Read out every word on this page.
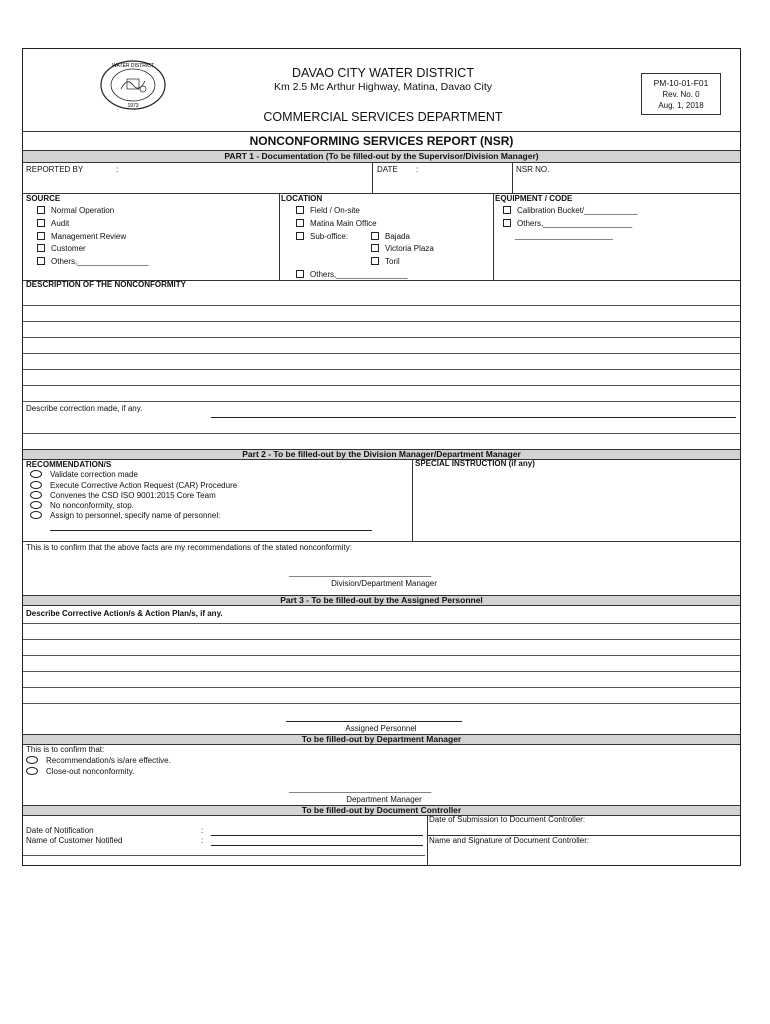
WATER DISTRICT
1973
DAVAO CITY WATER DISTRICT
Km 2.5 Mc Arthur Highway, Matina, Davao City
COMMERCIAL SERVICES DEPARTMENT
PM-10-01-F01
Rev. No. 0
Aug. 1, 2018
NONCONFORMING SERVICES REPORT (NSR)
PART 1 - Documentation (To be filled-out by the Supervisor/Division Manager)
REPORTED BY	:	DATE :	NSR NO.
SOURCE
Normal Operation
Audit
Management Review
Customer
Others,________________
LOCATION
Field / On-site
Matina Main Office
Sub-office:	Bajada
Victoria Plaza
Toril
Others,________________
EQUIPMENT / CODE
Calibration Bucket/____________
Others,____________________
______________________
DESCRIPTION OF THE NONCONFORMITY
Describe correction made, if any.
Part 2 - To be filled-out by the Division Manager/Department Manager
RECOMMENDATION/S	SPECIAL INSTRUCTION (if any)
Validate correction made
Execute Corrective Action Request (CAR) Procedure
Convenes the CSD ISO 9001:2015 Core Team
No nonconformity, stop.
Assign to personnel, specify name of personnel:
This is to confirm that the above facts are my recommendations of the stated nonconformity:
________________________________
Division/Department Manager
Part 3 - To be filled-out by the Assigned Personnel
Describe Corrective Action/s & Action Plan/s, if any.
Assigned Personnel
To be filled-out by Department Manager
This is to confirm that:
Recommendation/s is/are effective.
Close-out nonconformity.
________________________________
Department Manager
To be filled-out by Document Controller
Date of Submission to Document Controller:
Name and Signature of Document Controller:
Date of Notification	:
Name of Customer Notified	:
